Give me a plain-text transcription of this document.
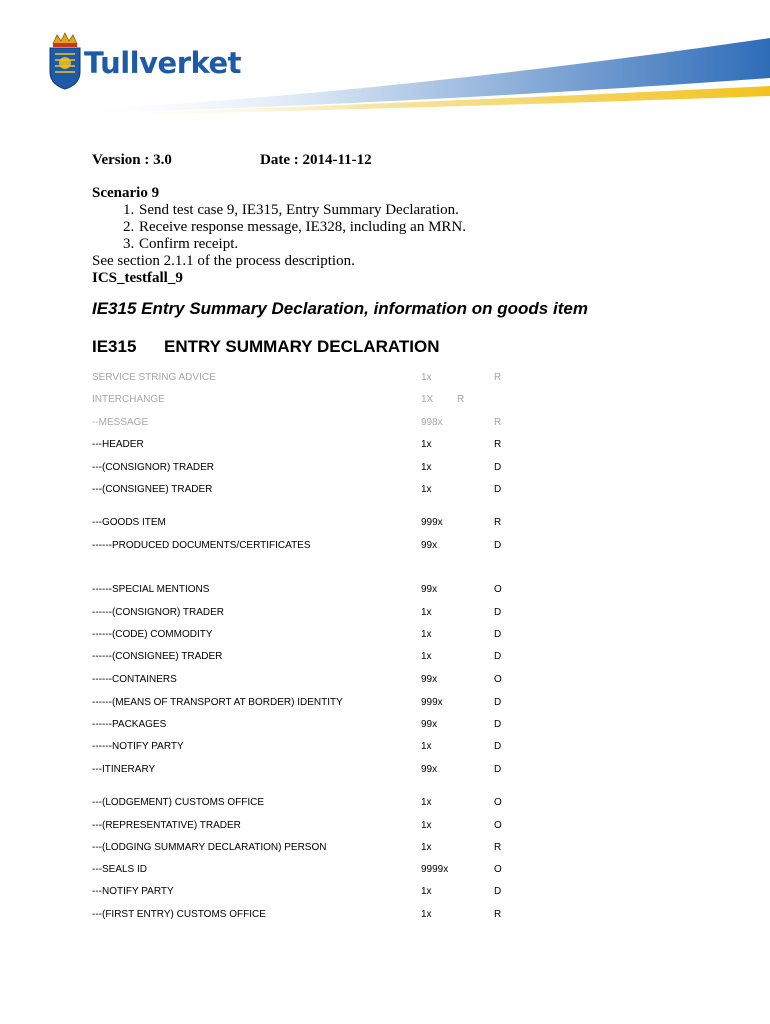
Tullverket
Version : 3.0	Date : 2014-11-12
Scenario 9
1. Send test case 9, IE315, Entry Summary Declaration.
2. Receive response message, IE328, including an MRN.
3. Confirm receipt.
See section 2.1.1 of the process description.
ICS_testfall_9
IE315 Entry Summary Declaration, information on goods item
IE315 ENTRY SUMMARY DECLARATION
SERVICE STRING ADVICE	1x	R
INTERCHANGE	1X R
--MESSAGE	998x	R
---HEADER	1x	R
---(CONSIGNOR) TRADER	1x	D
---(CONSIGNEE) TRADER	1x	D
---GOODS ITEM	999x	R
------PRODUCED DOCUMENTS/CERTIFICATES	99x	D
------SPECIAL MENTIONS	99x	O
------(CONSIGNOR) TRADER	1x	D
------(CODE) COMMODITY	1x	D
------(CONSIGNEE) TRADER	1x	D
------CONTAINERS	99x	O
------(MEANS OF TRANSPORT AT BORDER) IDENTITY	999x	D
------PACKAGES	99x	D
------NOTIFY PARTY	1x	D
---ITINERARY	99x	D
---(LODGEMENT) CUSTOMS OFFICE	1x	O
---(REPRESENTATIVE) TRADER	1x	O
---(LODGING SUMMARY DECLARATION) PERSON	1x	R
---SEALS ID	9999x	O
---NOTIFY PARTY	1x	D
---(FIRST ENTRY) CUSTOMS OFFICE	1x	R
